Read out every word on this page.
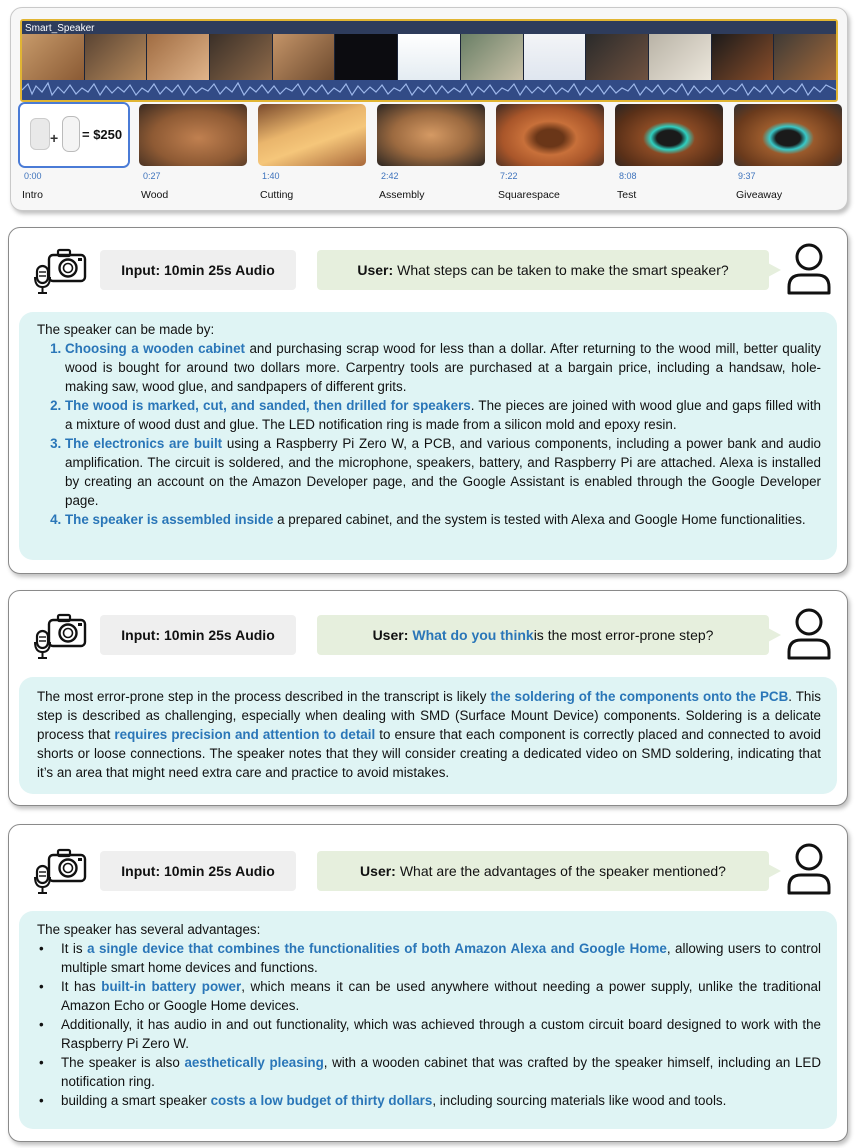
Smart_Speaker
+ = $250
0:00	0:27	1:40	2:42	7:22	8:08	9:37
Intro	Wood	Cutting	Assembly	Squarespace	Test	Giveaway
Input: 10min 25s Audio	User: What steps can be taken to make the smart speaker?
The speaker can be made by:
1. Choosing a wooden cabinet and purchasing scrap wood for less than a dollar. After returning to the wood mill, better quality wood is bought for around two dollars more. Carpentry tools are purchased at a bargain price, including a handsaw, hole-making saw, wood glue, and sandpapers of different grits.
2. The wood is marked, cut, and sanded, then drilled for speakers. The pieces are joined with wood glue and gaps filled with a mixture of wood dust and glue. The LED notification ring is made from a silicon mold and epoxy resin.
3. The electronics are built using a Raspberry Pi Zero W, a PCB, and various components, including a power bank and audio amplification. The circuit is soldered, and the microphone, speakers, battery, and Raspberry Pi are attached. Alexa is installed by creating an account on the Amazon Developer page, and the Google Assistant is enabled through the Google Developer page.
4. The speaker is assembled inside a prepared cabinet, and the system is tested with Alexa and Google Home functionalities.
Input: 10min 25s Audio	User: What do you think is the most error-prone step?
The most error-prone step in the process described in the transcript is likely the soldering of the components onto the PCB. This step is described as challenging, especially when dealing with SMD (Surface Mount Device) components. Soldering is a delicate process that requires precision and attention to detail to ensure that each component is correctly placed and connected to avoid shorts or loose connections. The speaker notes that they will consider creating a dedicated video on SMD soldering, indicating that it’s an area that might need extra care and practice to avoid mistakes.
Input: 10min 25s Audio	User: What are the advantages of the speaker mentioned?
The speaker has several advantages:
• It is a single device that combines the functionalities of both Amazon Alexa and Google Home, allowing users to control multiple smart home devices and functions.
• It has built-in battery power, which means it can be used anywhere without needing a power supply, unlike the traditional Amazon Echo or Google Home devices.
• Additionally, it has audio in and out functionality, which was achieved through a custom circuit board designed to work with the Raspberry Pi Zero W.
• The speaker is also aesthetically pleasing, with a wooden cabinet that was crafted by the speaker himself, including an LED notification ring.
• building a smart speaker costs a low budget of thirty dollars, including sourcing materials like wood and tools.
